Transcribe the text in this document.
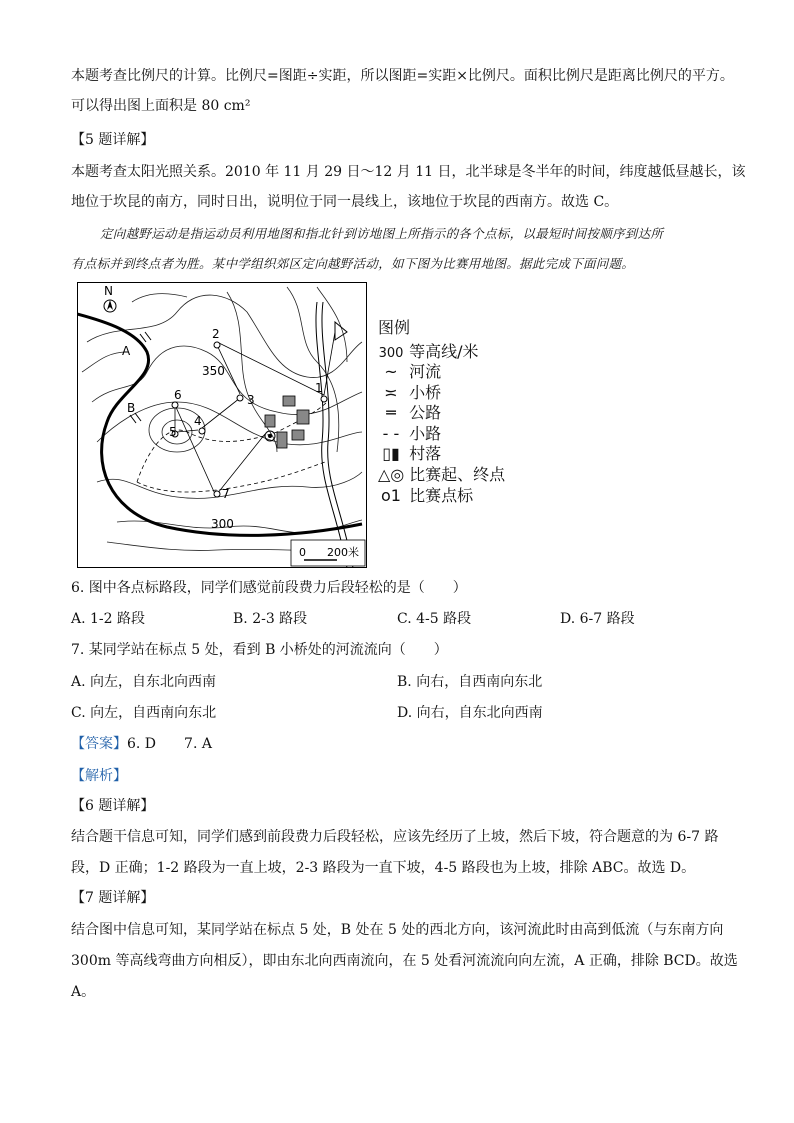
本题考查比例尺的计算。比例尺=图距÷实距，所以图距=实距×比例尺。面积比例尺是距离比例尺的平方。
可以得出图上面积是 80 cm²
【5 题详解】
本题考查太阳光照关系。2010 年 11 月 29 日～12 月 11 日，北半球是冬半年的时间，纬度越低昼越长，该
地位于坎昆的南方，同时日出，说明位于同一晨线上，该地位于坎昆的西南方。故选 C。
定向越野运动是指运动员利用地图和指北针到访地图上所指示的各个点标，以最短时间按顺序到达所
有点标并到终点者为胜。某中学组织郊区定向越野活动，如下图为比赛用地图。据此完成下面问题。
N
350
300
1
2
3
4
5
6
7
A
B
0 200米
图例
300 等高线/米
~ 河流
≍ 小桥
═ 公路
- - 小路
▯▮ 村落
△◎ 比赛起、终点
o1 比赛点标
6. 图中各点标路段，同学们感觉前段费力后段轻松的是（　　）
A. 1-2 路段	B. 2-3 路段	C. 4-5 路段	D. 6-7 路段
7. 某同学站在标点 5 处，看到 B 小桥处的河流流向（　　）
A. 向左，自东北向西南	B. 向右，自西南向东北
C. 向左，自西南向东北	D. 向右，自东北向西南
【答案】6. D　　7. A
【解析】
【6 题详解】
结合题干信息可知，同学们感到前段费力后段轻松，应该先经历了上坡，然后下坡，符合题意的为 6-7 路
段，D 正确；1-2 路段为一直上坡，2-3 路段为一直下坡，4-5 路段也为上坡，排除 ABC。故选 D。
【7 题详解】
结合图中信息可知，某同学站在标点 5 处，B 处在 5 处的西北方向，该河流此时由高到低流（与东南方向
300m 等高线弯曲方向相反），即由东北向西南流向，在 5 处看河流流向向左流，A 正确，排除 BCD。故选
A。
